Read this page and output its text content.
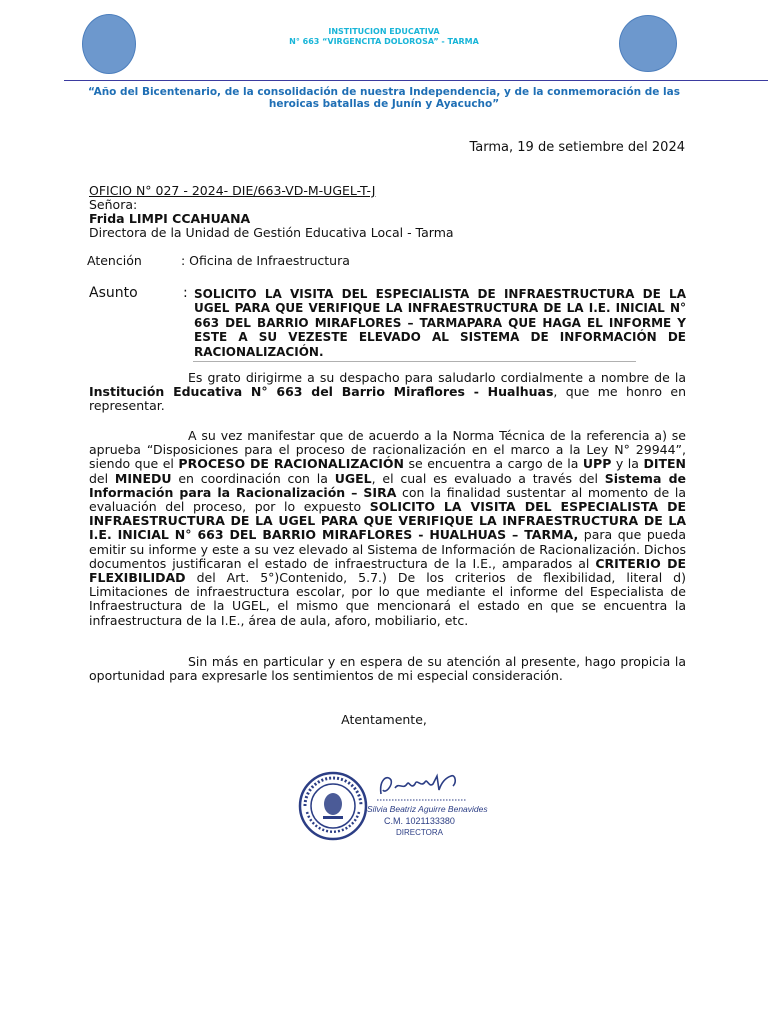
INSTITUCION EDUCATIVA
N° 663 “VIRGENCITA DOLOROSA” - TARMA
“Año del Bicentenario, de la consolidación de nuestra Independencia, y de la conmemoración de las heroicas batallas de Junín y Ayacucho”
Tarma, 19 de setiembre del 2024
OFICIO N° 027 - 2024- DIE/663-VD-M-UGEL-T-J
Señora:
Frida LIMPI CCAHUANA
Directora de la Unidad de Gestión Educativa Local - Tarma
Atención	: Oficina de Infraestructura
Asunto	: SOLICITO LA VISITA DEL ESPECIALISTA DE INFRAESTRUCTURA DE LA UGEL PARA QUE VERIFIQUE LA INFRAESTRUCTURA DE LA I.E. INICIAL N° 663 DEL BARRIO MIRAFLORES – TARMAPARA QUE HAGA EL INFORME Y ESTE A SU VEZESTE ELEVADO AL SISTEMA DE INFORMACIÓN DE RACIONALIZACIÓN.
Es grato dirigirme a su despacho para saludarlo cordialmente a nombre de la Institución Educativa N° 663 del Barrio Miraflores - Hualhuas, que me honro en representar.
A su vez manifestar que de acuerdo a la Norma Técnica de la referencia a) se aprueba “Disposiciones para el proceso de racionalización en el marco a la Ley N° 29944”, siendo que el PROCESO DE RACIONALIZACIÓN se encuentra a cargo de la UPP y la DITEN del MINEDU en coordinación con la UGEL, el cual es evaluado a través del Sistema de Información para la Racionalización – SIRA con la finalidad sustentar al momento de la evaluación del proceso, por lo expuesto SOLICITO LA VISITA DEL ESPECIALISTA DE INFRAESTRUCTURA DE LA UGEL PARA QUE VERIFIQUE LA INFRAESTRUCTURA DE LA I.E. INICIAL N° 663 DEL BARRIO MIRAFLORES - HUALHUAS – TARMA, para que pueda emitir su informe y este a su vez elevado al Sistema de Información de Racionalización. Dichos documentos justificaran el estado de infraestructura de la I.E., amparados al CRITERIO DE FLEXIBILIDAD del Art. 5°)Contenido, 5.7.) De los criterios de flexibilidad, literal d) Limitaciones de infraestructura escolar, por lo que mediante el informe del Especialista de Infraestructura de la UGEL, el mismo que mencionará el estado en que se encuentra la infraestructura de la I.E., área de aula, aforo, mobiliario, etc.
Sin más en particular y en espera de su atención al presente, hago propicia la oportunidad para expresarle los sentimientos de mi especial consideración.
Atentamente,
Silvia Beatriz Aguirre Benavides
C.M. 1021133380
DIRECTORA
